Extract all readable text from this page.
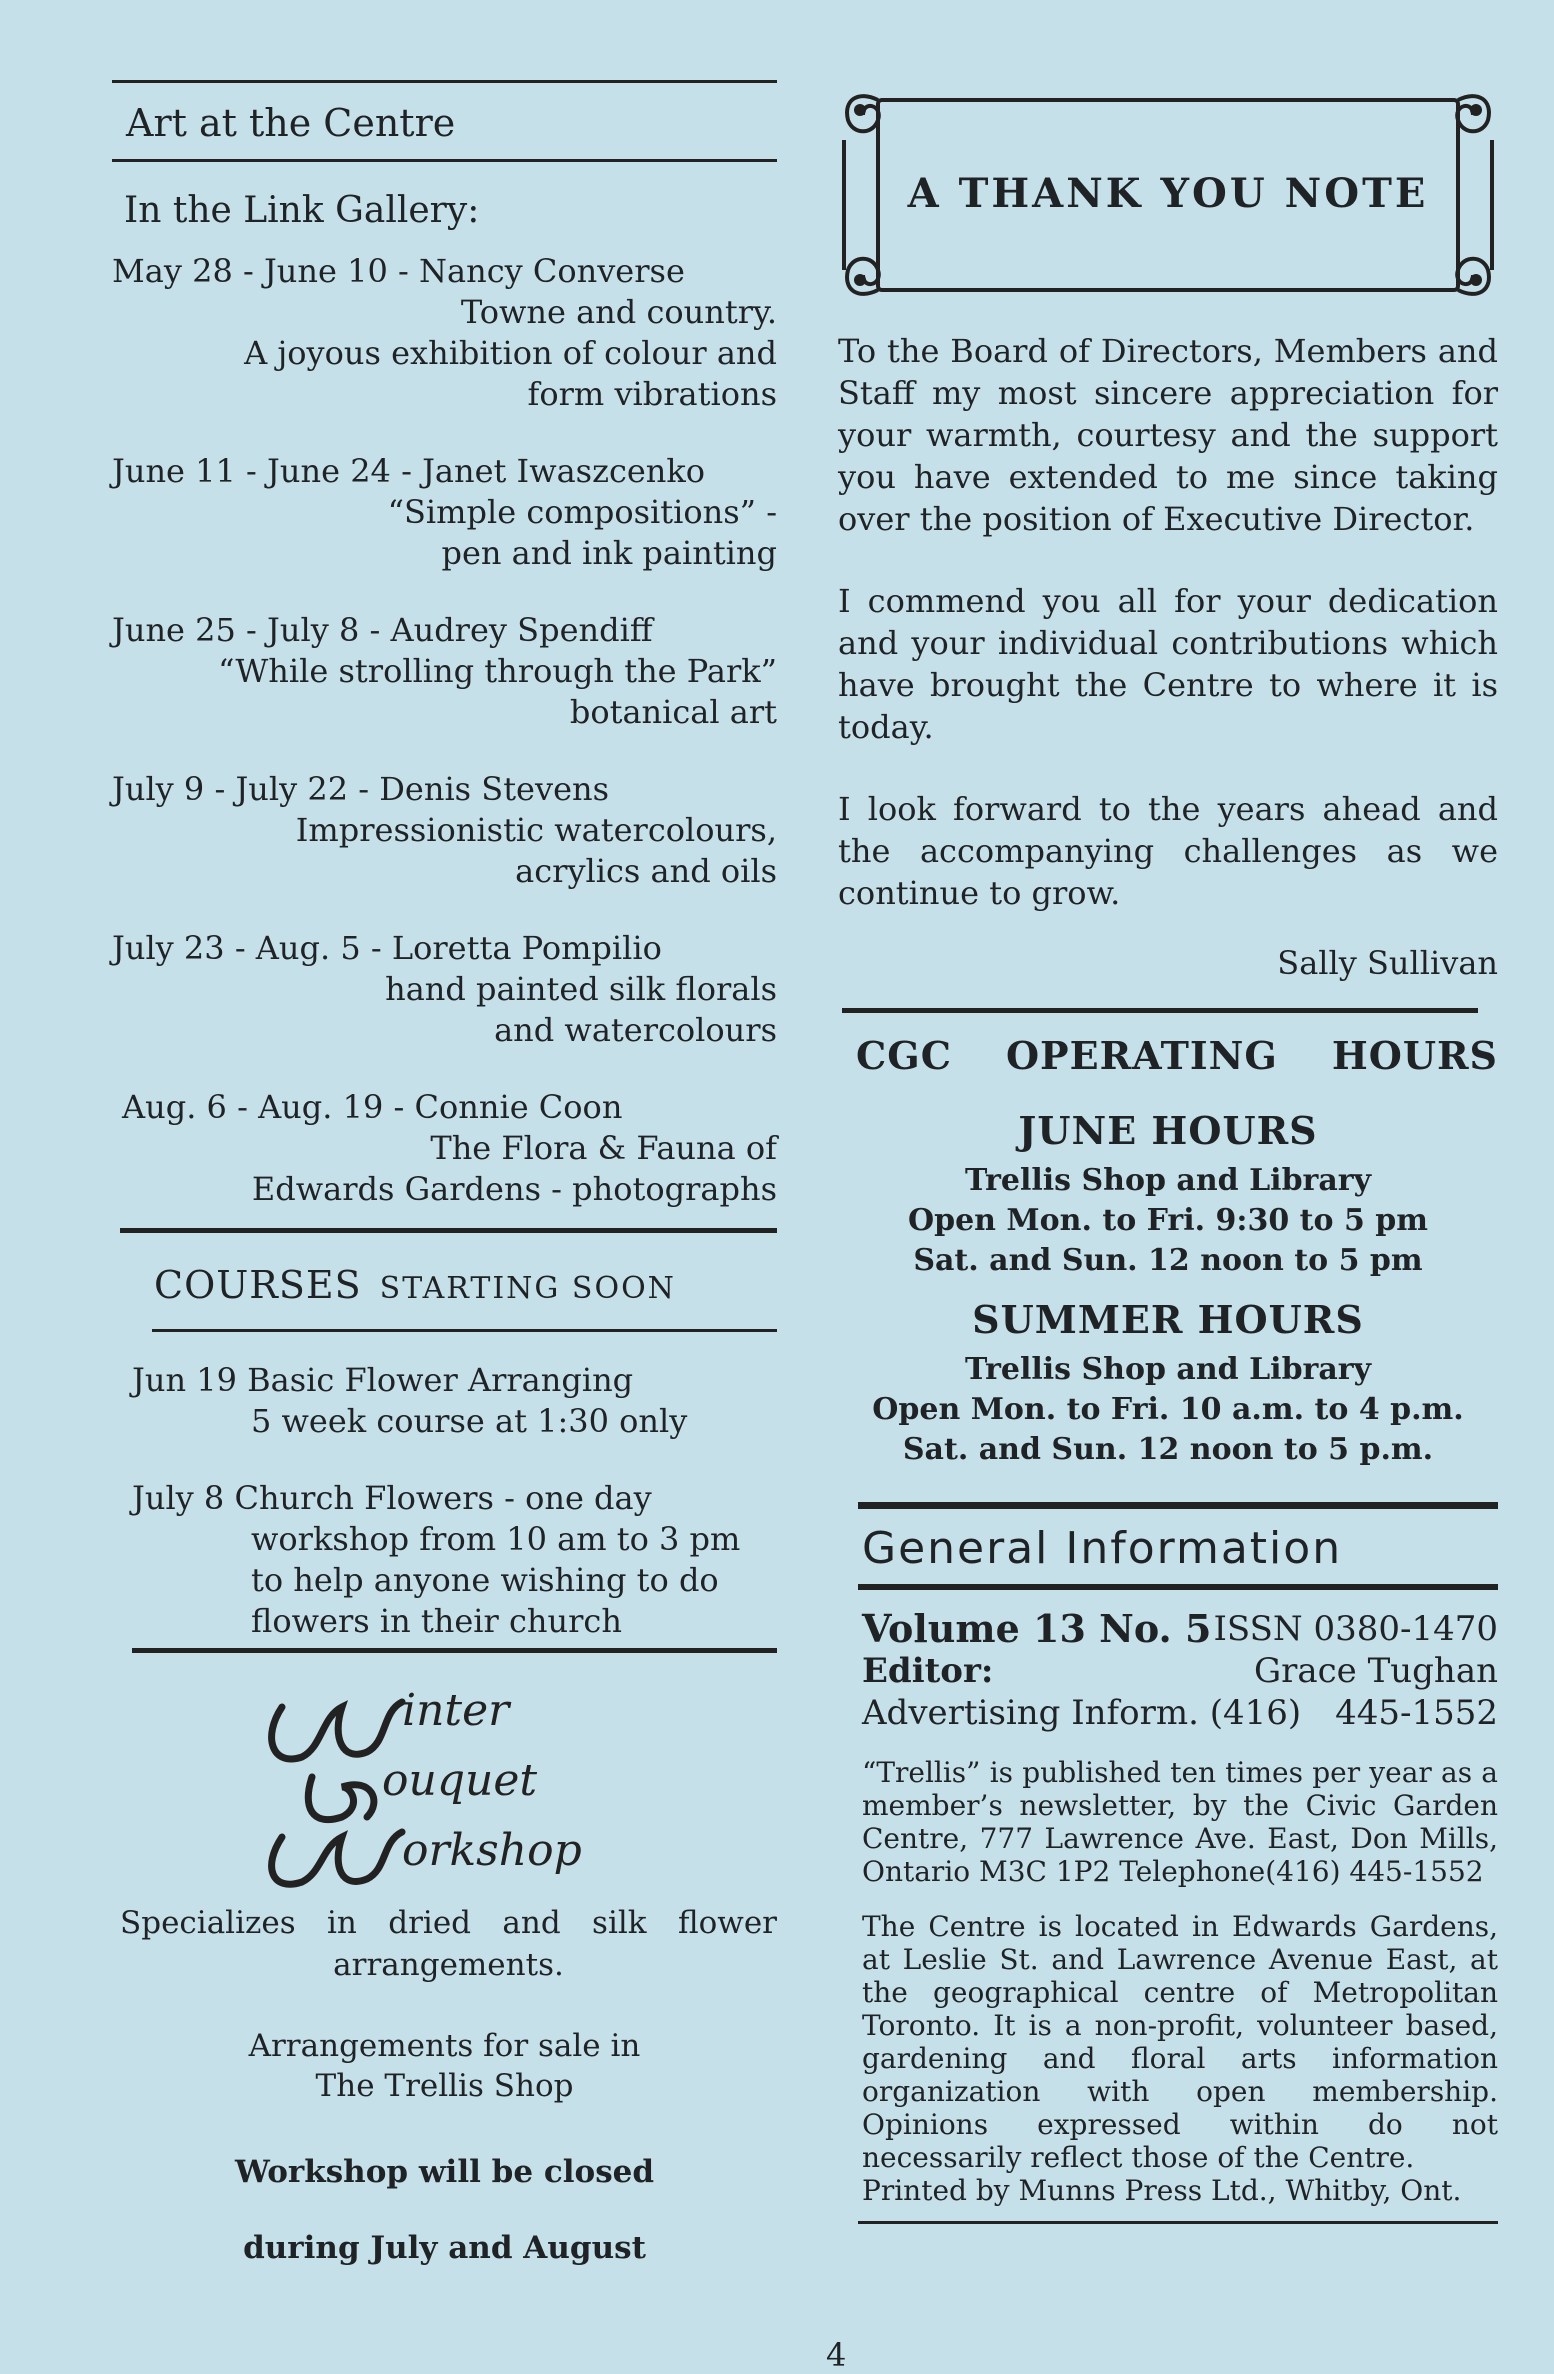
Art at the Centre
In the Link Gallery:
May 28 - June 10 - Nancy Converse
Towne and country.
A joyous exhibition of colour and
form vibrations
June 11 - June 24 - Janet Iwaszcenko
“Simple compositions” -
pen and ink painting
June 25 - July 8 - Audrey Spendiff
“While strolling through the Park”
botanical art
July 9 - July 22 - Denis Stevens
Impressionistic watercolours,
acrylics and oils
July 23 - Aug. 5 - Loretta Pompilio
hand painted silk florals
and watercolours
Aug. 6 - Aug. 19 - Connie Coon
The Flora & Fauna of
Edwards Gardens - photographs
COURSES STARTING SOON
Jun 19 Basic Flower Arranging
5 week course at 1:30 only
July 8 Church Flowers - one day
workshop from 10 am to 3 pm
to help anyone wishing to do
flowers in their church
inter
ouquet
orkshop
Specializes in dried and silk flower arrangements.
Arrangements for sale in
The Trellis Shop
Workshop will be closed
during July and August
A THANK YOU NOTE
To the Board of Directors, Members and Staff my most sincere appreciation for your warmth, courtesy and the support you have extended to me since taking over the position of Executive Director.
I commend you all for your dedication and your individual contributions which have brought the Centre to where it is today.
I look forward to the years ahead and the accompanying challenges as we continue to grow.
Sally Sullivan
CGC OPERATING HOURS
JUNE HOURS
Trellis Shop and Library
Open Mon. to Fri. 9:30 to 5 pm
Sat. and Sun. 12 noon to 5 pm
SUMMER HOURS
Trellis Shop and Library
Open Mon. to Fri. 10 a.m. to 4 p.m.
Sat. and Sun. 12 noon to 5 p.m.
General Information
Volume 13 No. 5 ISSN 0380-1470
Editor:	Grace Tughan
Advertising Inform. (416) 445-1552
“Trellis” is published ten times per year as a member’s newsletter, by the Civic Garden Centre, 777 Lawrence Ave. East, Don Mills, Ontario M3C 1P2 Telephone(416) 445-1552
The Centre is located in Edwards Gardens, at Leslie St. and Lawrence Avenue East, at the geographical centre of Metropolitan Toronto. It is a non-profit, volunteer based, gardening and floral arts information organization with open membership. Opinions expressed within do not necessarily reflect those of the Centre.
Printed by Munns Press Ltd., Whitby, Ont.
4
